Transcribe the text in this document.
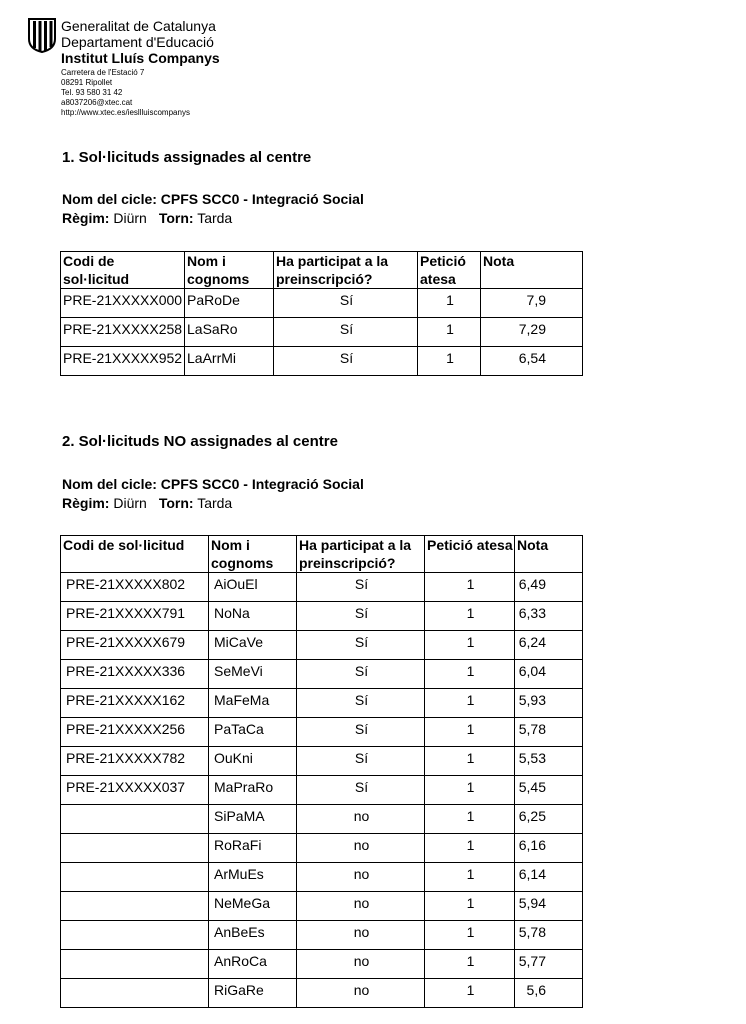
Generalitat de Catalunya
Departament d'Educació
Institut Lluís Companys
Carretera de l'Estació 7
08291 Ripollet
Tel. 93 580 31 42
a8037206@xtec.cat
http://www.xtec.es/iesllluiscompanys
1. Sol·licituds assignades al centre
Nom del cicle: CPFS SCC0 - Integració Social
Règim: Diürn Torn: Tarda
Codi de sol·licitud	Nom i cognoms	Ha participat a la preinscripció?	Petició atesa	Nota
PRE-21XXXXX000	PaRoDe	Sí	1	7,9
PRE-21XXXXX258	LaSaRo	Sí	1	7,29
PRE-21XXXXX952	LaArrMi	Sí	1	6,54
2. Sol·licituds NO assignades al centre
Nom del cicle: CPFS SCC0 - Integració Social
Règim: Diürn Torn: Tarda
Codi de sol·licitud	Nom i cognoms	Ha participat a la preinscripció?	Petició atesa	Nota
PRE-21XXXXX802	AiOuEl	Sí	1	6,49
PRE-21XXXXX791	NoNa	Sí	1	6,33
PRE-21XXXXX679	MiCaVe	Sí	1	6,24
PRE-21XXXXX336	SeMeVi	Sí	1	6,04
PRE-21XXXXX162	MaFeMa	Sí	1	5,93
PRE-21XXXXX256	PaTaCa	Sí	1	5,78
PRE-21XXXXX782	OuKni	Sí	1	5,53
PRE-21XXXXX037	MaPraRo	Sí	1	5,45
	SiPaMA	no	1	6,25
	RoRaFi	no	1	6,16
	ArMuEs	no	1	6,14
	NeMeGa	no	1	5,94
	AnBeEs	no	1	5,78
	AnRoCa	no	1	5,77
	RiGaRe	no	1	5,6
